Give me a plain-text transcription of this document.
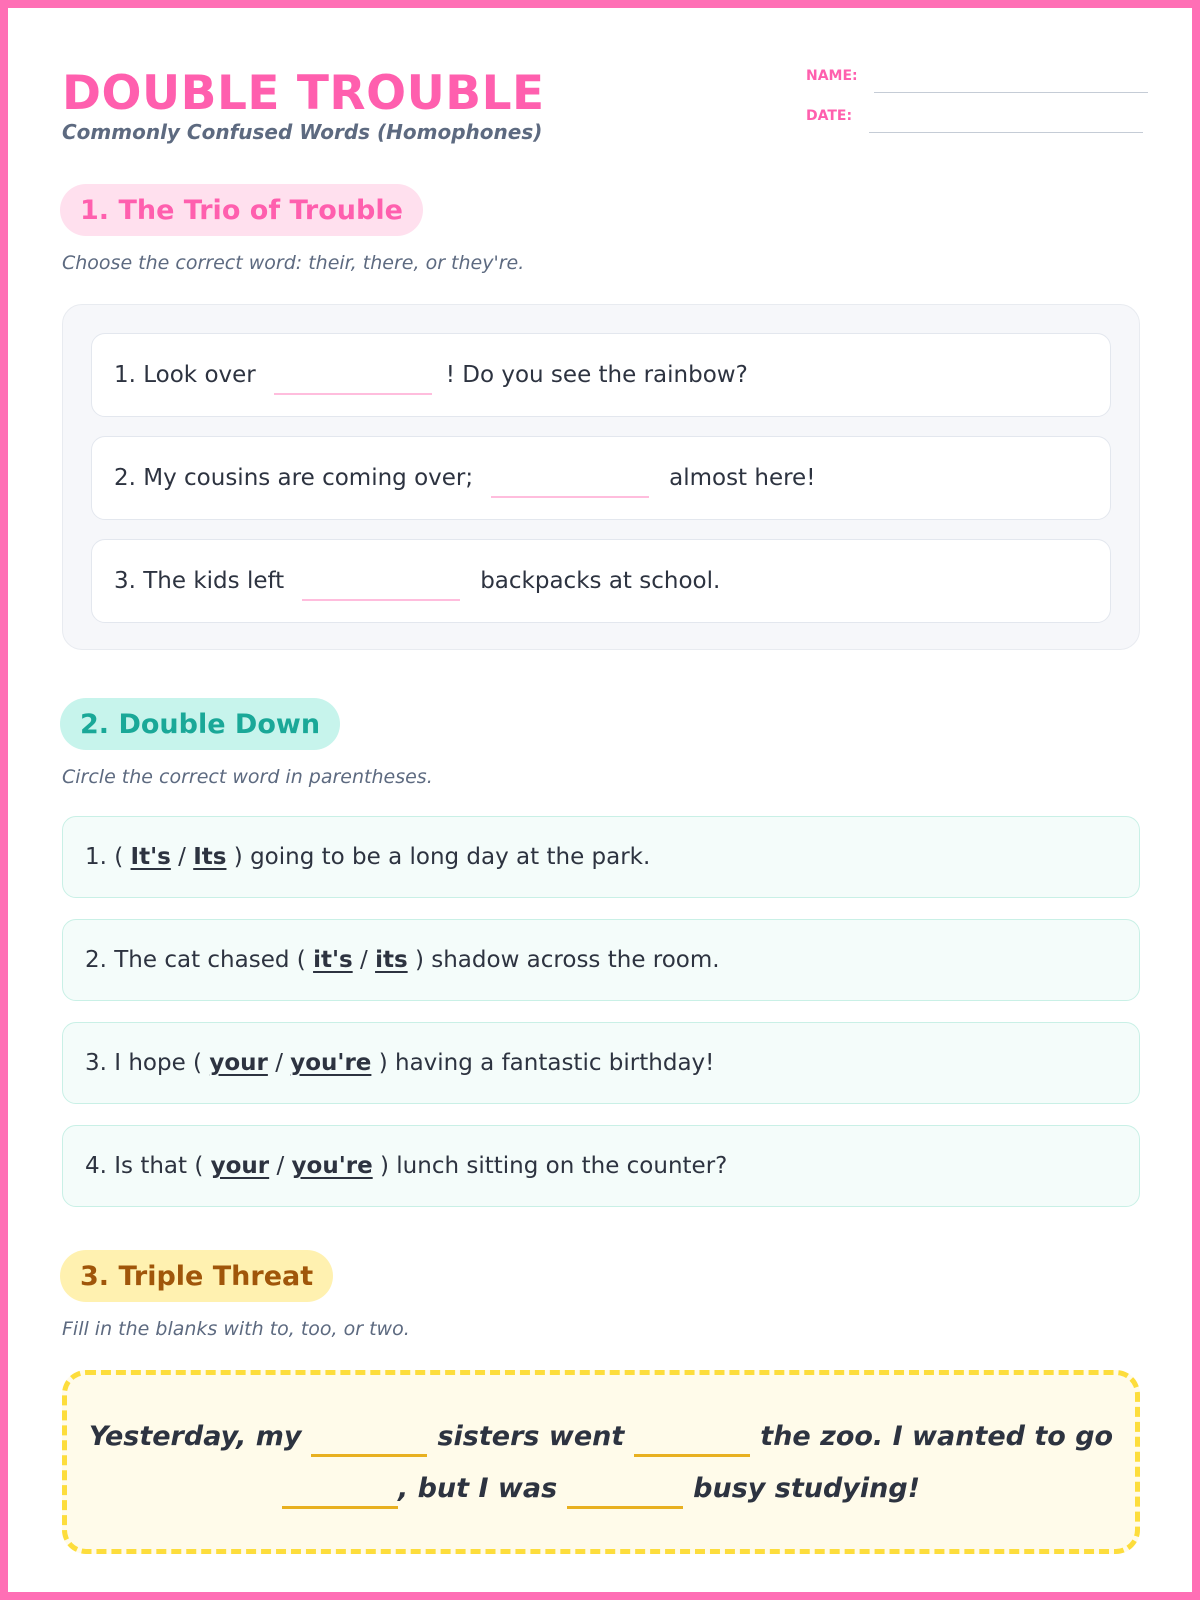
DOUBLE TROUBLE
Commonly Confused Words (Homophones)
NAME:
DATE:
1. The Trio of Trouble
Choose the correct word: their, there, or they're.
1. Look over	! Do you see the rainbow?
2. My cousins are coming over;	almost here!
3. The kids left	backpacks at school.
2. Double Down
Circle the correct word in parentheses.
1. (
It's
/
Its
) going to be a long day at the park.
2. The cat chased (
it's
/
its
) shadow across the room.
3. I hope (
your
/
you're
) having a fantastic birthday!
4. Is that (
your
/
you're
) lunch sitting on the counter?
3. Triple Threat
Fill in the blanks with to, too, or two.
Yesterday, my	sisters went	the zoo. I wanted to go
, but I was	busy studying!
